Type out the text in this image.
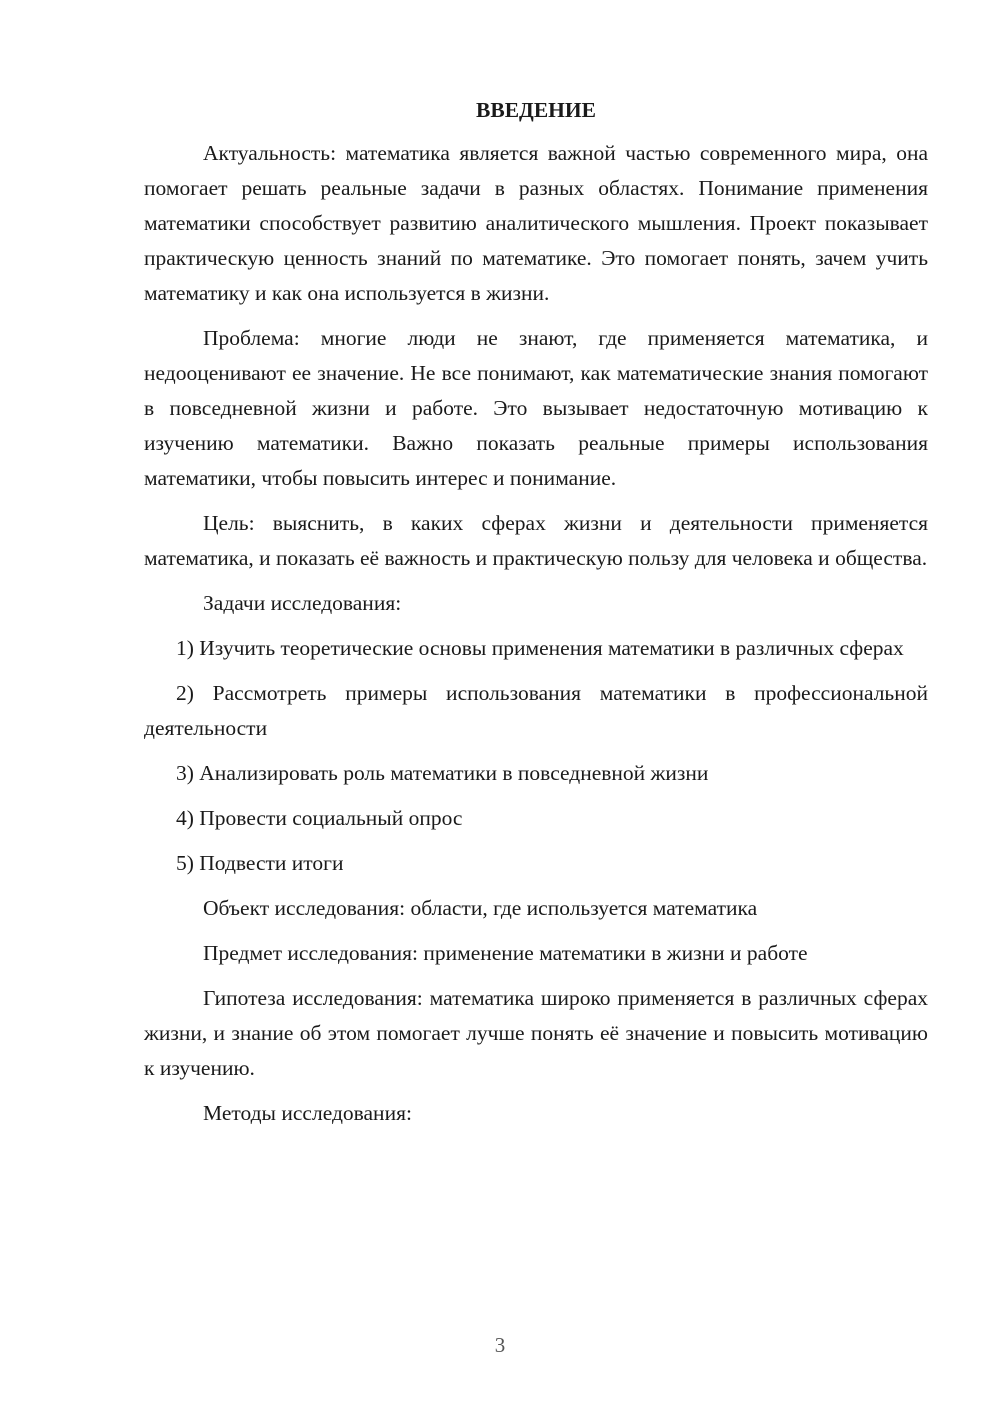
ВВЕДЕНИЕ

Актуальность: математика является важной частью современного мира, она помогает решать реальные задачи в разных областях. Понимание применения математики способствует развитию аналитического мышления. Проект показывает практическую ценность знаний по математике. Это помогает понять, зачем учить математику и как она используется в жизни.

Проблема: многие люди не знают, где применяется математика, и недооценивают ее значение. Не все понимают, как математические знания помогают в повседневной жизни и работе. Это вызывает недостаточную мотивацию к изучению математики. Важно показать реальные примеры использования математики, чтобы повысить интерес и понимание.

Цель: выяснить, в каких сферах жизни и деятельности применяется математика, и показать её важность и практическую пользу для человека и общества.

Задачи исследования:

1) Изучить теоретические основы применения математики в различных сферах

2) Рассмотреть примеры использования математики в профессиональной деятельности

3) Анализировать роль математики в повседневной жизни

4) Провести социальный опрос

5) Подвести итоги

Объект исследования: области, где используется математика

Предмет исследования: применение математики в жизни и работе

Гипотеза исследования: математика широко применяется в различных сферах жизни, и знание об этом помогает лучше понять её значение и повысить мотивацию к изучению.

Методы исследования:

3
